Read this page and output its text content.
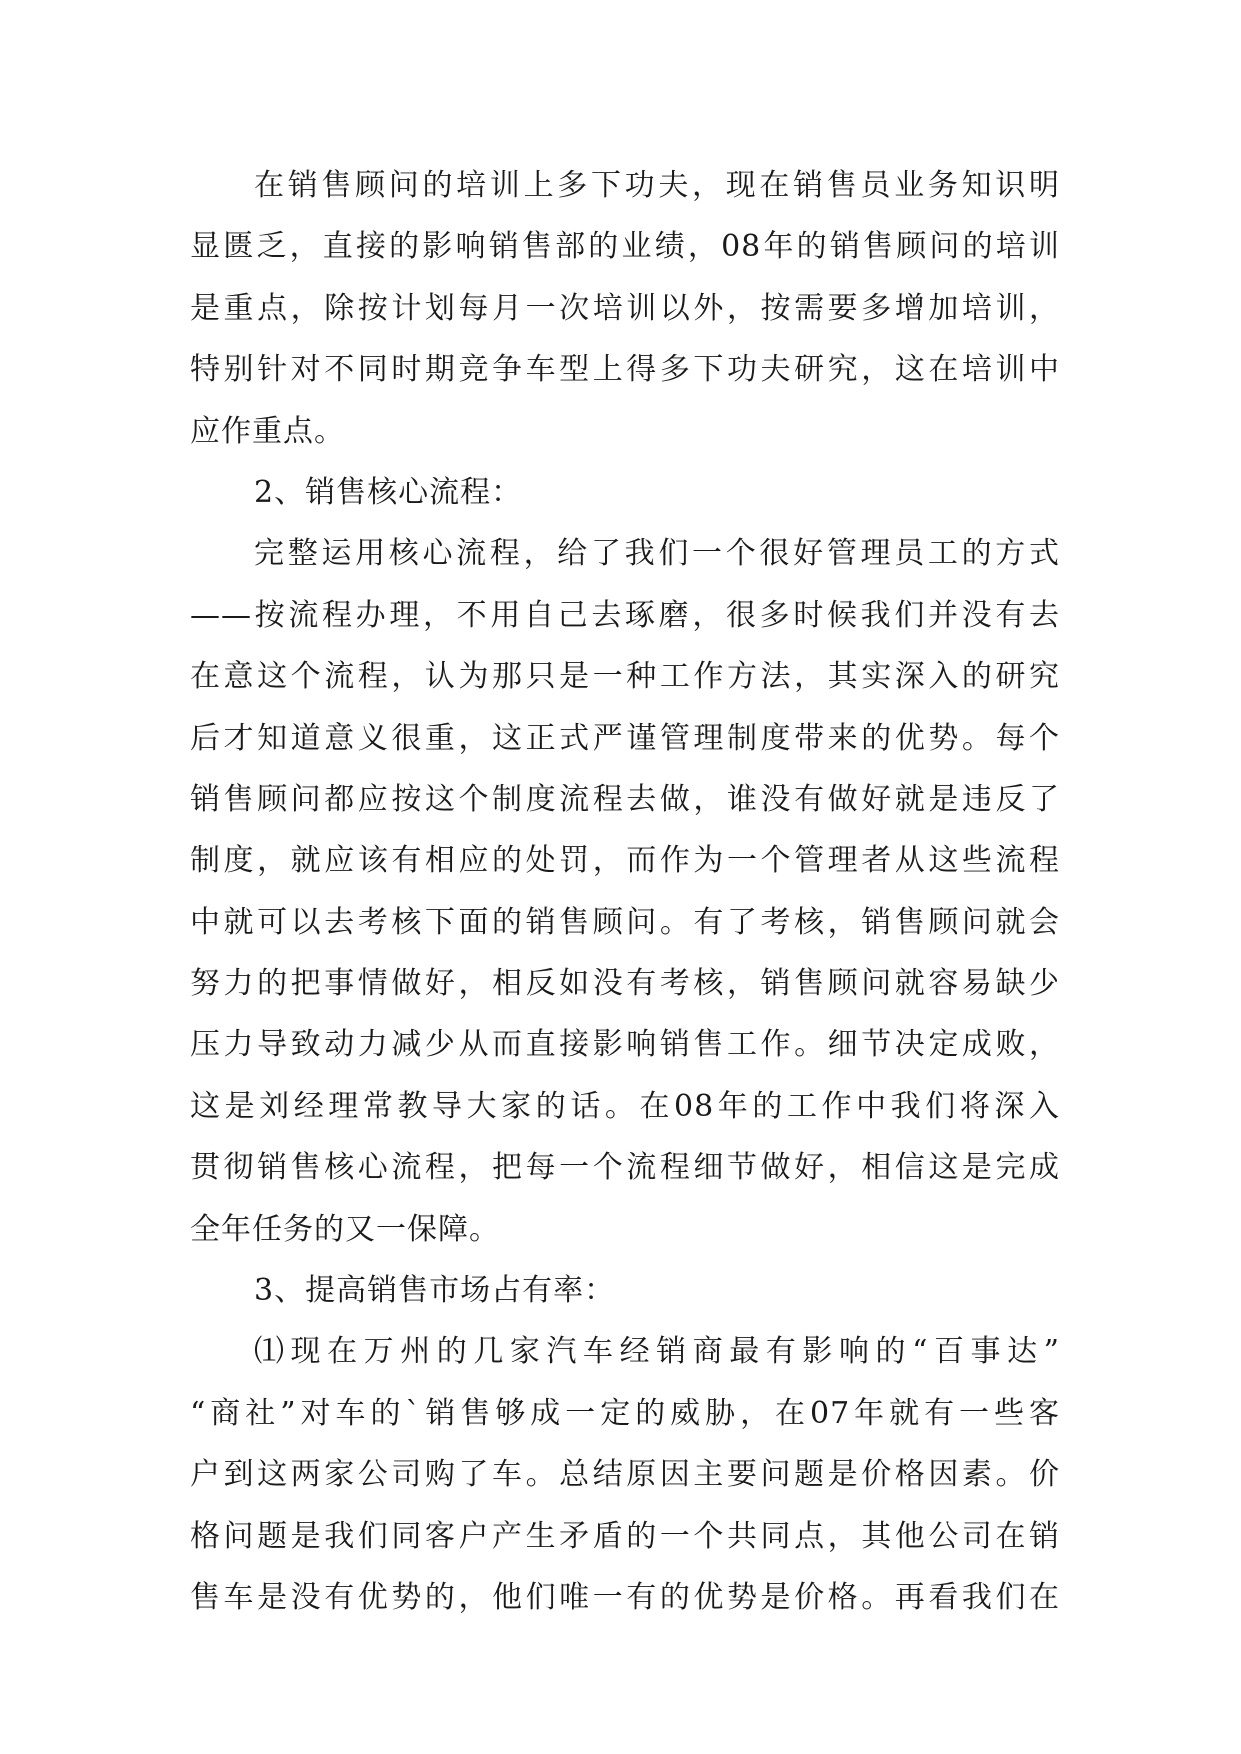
在销售顾问的培训上多下功夫，现在销售员业务知识明
显匮乏，直接的影响销售部的业绩，08年的销售顾问的培训
是重点，除按计划每月一次培训以外，按需要多增加培训，
特别针对不同时期竞争车型上得多下功夫研究，这在培训中
应作重点。
2、销售核心流程：
完整运用核心流程，给了我们一个很好管理员工的方式
——按流程办理，不用自己去琢磨，很多时候我们并没有去
在意这个流程，认为那只是一种工作方法，其实深入的研究
后才知道意义很重，这正式严谨管理制度带来的优势。每个
销售顾问都应按这个制度流程去做，谁没有做好就是违反了
制度，就应该有相应的处罚，而作为一个管理者从这些流程
中就可以去考核下面的销售顾问。有了考核，销售顾问就会
努力的把事情做好，相反如没有考核，销售顾问就容易缺少
压力导致动力减少从而直接影响销售工作。细节决定成败，
这是刘经理常教导大家的话。在08年的工作中我们将深入
贯彻销售核心流程，把每一个流程细节做好，相信这是完成
全年任务的又一保障。
3、提高销售市场占有率：
⑴现在万州的几家汽车经销商最有影响的“百事达”
“商社”对车的`销售够成一定的威胁，在07年就有一些客
户到这两家公司购了车。总结原因主要问题是价格因素。价
格问题是我们同客户产生矛盾的一个共同点，其他公司在销
售车是没有优势的，他们唯一有的优势是价格。再看我们在
